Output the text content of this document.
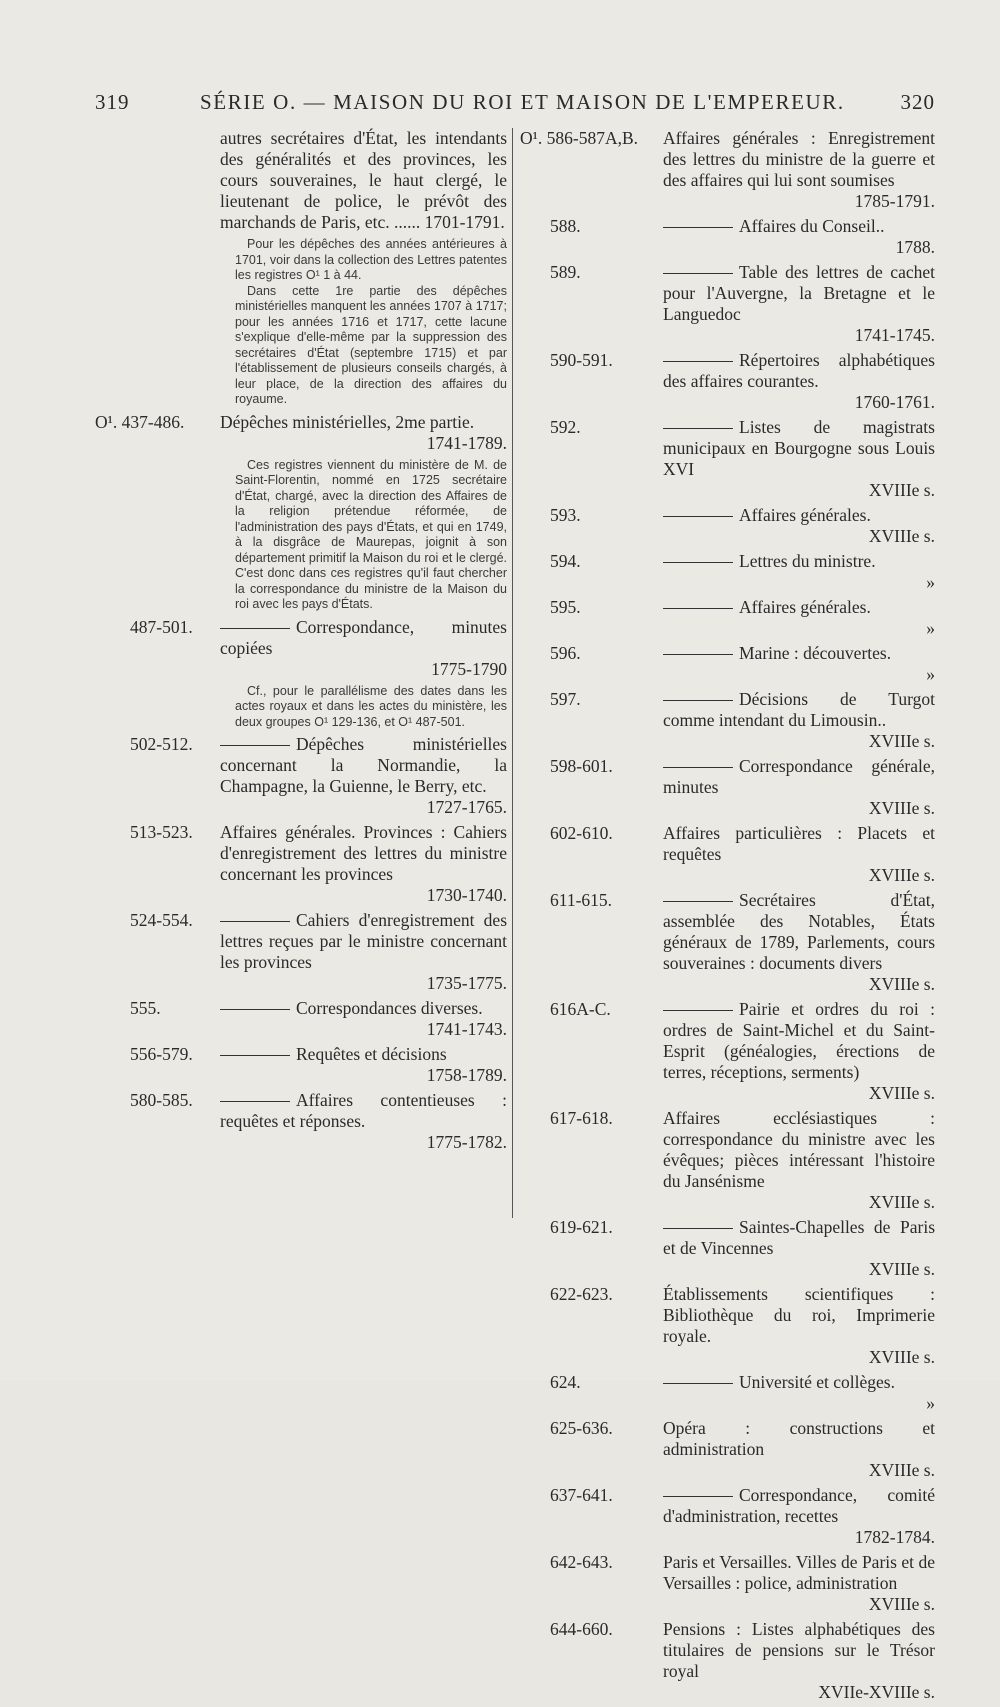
319	SÉRIE O. — MAISON DU ROI ET MAISON DE L'EMPEREUR.	320
autres secrétaires d'État, les intendants des généralités et des provinces, les cours souveraines, le haut clergé, le lieutenant de police, le prévôt des marchands de Paris, etc. ...... 1701-1791.

Pour les dépêches des années antérieures à 1701, voir dans la collection des Lettres patentes les registres O¹ 1 à 44.

Dans cette 1re partie des dépêches ministérielles manquent les années 1707 à 1717; pour les années 1716 et 1717, cette lacune s'explique d'elle-même par la suppression des secrétaires d'État (septembre 1715) et par l'établissement de plusieurs conseils chargés, à leur place, de la direction des affaires du royaume.

O¹. 437-486.	Dépêches ministérielles, 2me partie.
1741-1789.

Ces registres viennent du ministère de M. de Saint-Florentin, nommé en 1725 secrétaire d'État, chargé, avec la direction des Affaires de la religion prétendue réformée, de l'administration des pays d'États, et qui en 1749, à la disgrâce de Maurepas, joignit à son département primitif la Maison du roi et le clergé. C'est donc dans ces registres qu'il faut chercher la correspondance du ministre de la Maison du roi avec les pays d'États.

487-501.	Correspondance, minutes copiées
1775-1790

Cf., pour le parallélisme des dates dans les actes royaux et dans les actes du ministère, les deux groupes O¹ 129-136, et O¹ 487-501.

502-512.	Dépêches ministérielles concernant la Normandie, la Champagne, la Guienne, le Berry, etc.
1727-1765.

513-523.	Affaires générales. Provinces : Cahiers d'enregistrement des lettres du ministre concernant les provinces
1730-1740.

524-554.	Cahiers d'enregistrement des lettres reçues par le ministre concernant les provinces
1735-1775.

555.	Correspondances diverses.
1741-1743.

556-579.	Requêtes et décisions
1758-1789.

580-585.	Affaires contentieuses : requêtes et réponses.
1775-1782.

O¹. 586-587A,B.	Affaires générales : Enregistrement des lettres du ministre de la guerre et des affaires qui lui sont soumises
1785-1791.

588.	Affaires du Conseil..
1788.

589.	Table des lettres de cachet pour l'Auvergne, la Bretagne et le Languedoc
1741-1745.

590-591.	Répertoires alphabétiques des affaires courantes.
1760-1761.

592.	Listes de magistrats municipaux en Bourgogne sous Louis XVI
XVIIIe s.

593.	Affaires générales.
XVIIIe s.

594.	Lettres du ministre.
»

595.	Affaires générales.
»

596.	Marine : découvertes.
»

597.	Décisions de Turgot comme intendant du Limousin..
XVIIIe s.

598-601.	Correspondance générale, minutes
XVIIIe s.

602-610.	Affaires particulières : Placets et requêtes
XVIIIe s.

611-615.	Secrétaires d'État, assemblée des Notables, États généraux de 1789, Parlements, cours souveraines : documents divers
XVIIIe s.

616A-C.	Pairie et ordres du roi : ordres de Saint-Michel et du Saint-Esprit (généalogies, érections de terres, réceptions, serments)
XVIIIe s.

617-618.	Affaires ecclésiastiques : correspondance du ministre avec les évêques; pièces intéressant l'histoire du Jansénisme
XVIIIe s.

619-621.	Saintes-Chapelles de Paris et de Vincennes
XVIIIe s.

622-623.	Établissements scientifiques : Bibliothèque du roi, Imprimerie royale.
XVIIIe s.

624.	Université et collèges.
»

625-636.	Opéra : constructions et administration
XVIIIe s.

637-641.	Correspondance, comité d'administration, recettes
1782-1784.

642-643.	Paris et Versailles. Villes de Paris et de Versailles : police, administration
XVIIIe s.

644-660.	Pensions : Listes alphabétiques des titulaires de pensions sur le Trésor royal
XVIIe-XVIIIe s.
